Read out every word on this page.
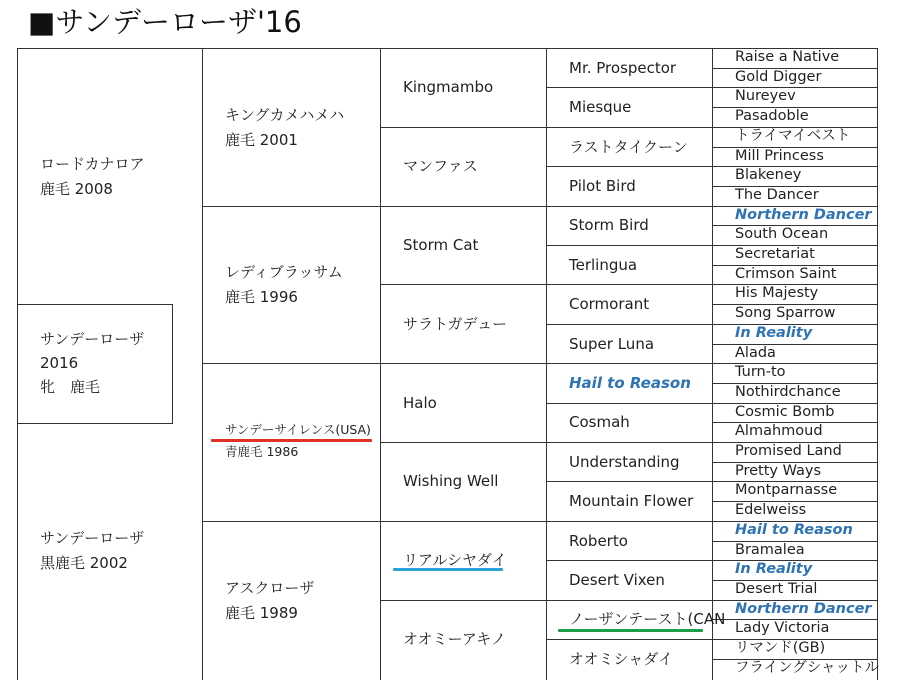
■サンデーローザ'16
サンデーローザ
2016
牝　鹿毛
ロードカナロア
鹿毛 2008
サンデーローザ
黒鹿毛 2002
キングカメハメハ
鹿毛 2001
レディブラッサム
鹿毛 1996
サンデーサイレンス(USA)
青鹿毛 1986
アスクローザ
鹿毛 1989
Kingmambo
マンファス
Storm Cat
サラトガデュー
Halo
Wishing Well
リアルシヤダイ
オオミーアキノ
Mr. Prospector
Miesque
ラストタイクーン
Pilot Bird
Storm Bird
Terlingua
Cormorant
Super Luna
Hail to Reason
Cosmah
Understanding
Mountain Flower
Roberto
Desert Vixen
ノーザンテースト(CAN
オオミシャダイ
Raise a Native
Gold Digger
Nureyev
Pasadoble
トライマイベスト
Mill Princess
Blakeney
The Dancer
Northern Dancer
South Ocean
Secretariat
Crimson Saint
His Majesty
Song Sparrow
In Reality
Alada
Turn-to
Nothirdchance
Cosmic Bomb
Almahmoud
Promised Land
Pretty Ways
Montparnasse
Edelweiss
Hail to Reason
Bramalea
In Reality
Desert Trial
Northern Dancer
Lady Victoria
リマンド(GB)
フライングシャットル
